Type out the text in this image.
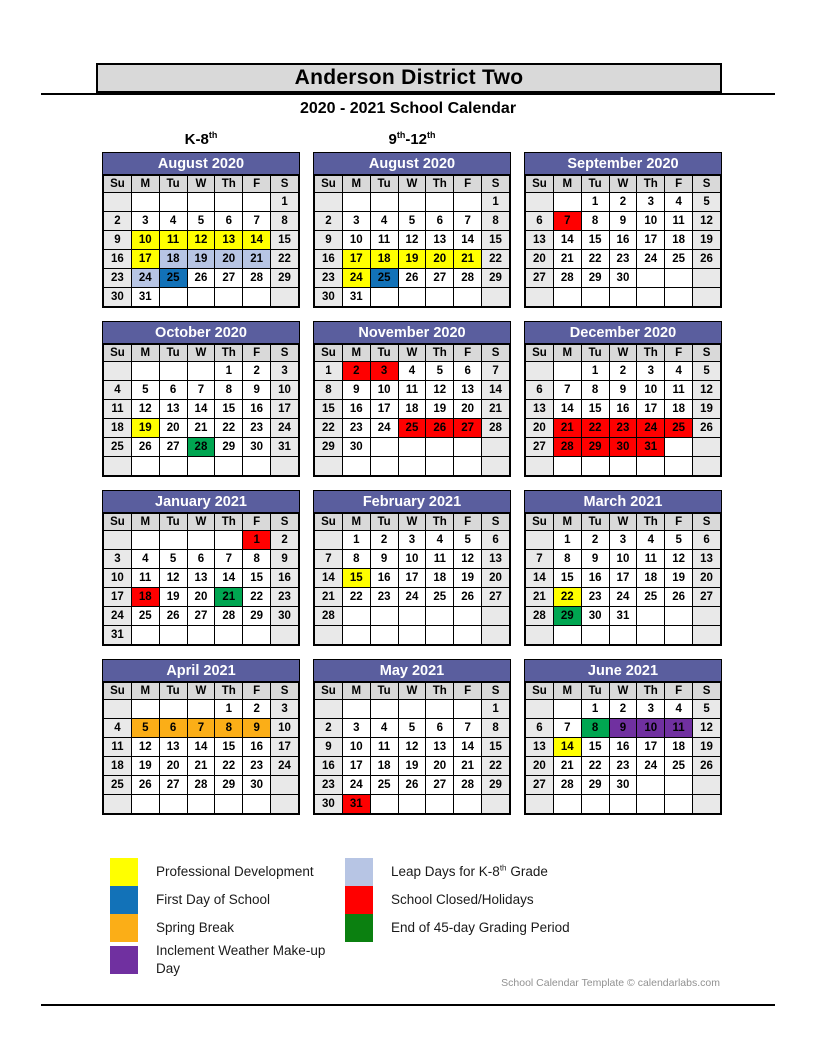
Anderson District Two
2020 - 2021 School Calendar
K-8th	9th-12th
August 2020
Su	M	Tu	W	Th	F	S
						1
2	3	4	5	6	7	8
9	10	11	12	13	14	15
16	17	18	19	20	21	22
23	24	25	26	27	28	29
30	31					
August 2020
Su	M	Tu	W	Th	F	S
						1
2	3	4	5	6	7	8
9	10	11	12	13	14	15
16	17	18	19	20	21	22
23	24	25	26	27	28	29
30	31					
September 2020
Su	M	Tu	W	Th	F	S
		1	2	3	4	5
6	7	8	9	10	11	12
13	14	15	16	17	18	19
20	21	22	23	24	25	26
27	28	29	30			

October 2020
Su	M	Tu	W	Th	F	S
				1	2	3
4	5	6	7	8	9	10
11	12	13	14	15	16	17
18	19	20	21	22	23	24
25	26	27	28	29	30	31

November 2020
Su	M	Tu	W	Th	F	S
1	2	3	4	5	6	7
8	9	10	11	12	13	14
15	16	17	18	19	20	21
22	23	24	25	26	27	28
29	30					

December 2020
Su	M	Tu	W	Th	F	S
		1	2	3	4	5
6	7	8	9	10	11	12
13	14	15	16	17	18	19
20	21	22	23	24	25	26
27	28	29	30	31		

January 2021
Su	M	Tu	W	Th	F	S
					1	2
3	4	5	6	7	8	9
10	11	12	13	14	15	16
17	18	19	20	21	22	23
24	25	26	27	28	29	30
31						
February 2021
Su	M	Tu	W	Th	F	S
	1	2	3	4	5	6
7	8	9	10	11	12	13
14	15	16	17	18	19	20
21	22	23	24	25	26	27
28						

March 2021
Su	M	Tu	W	Th	F	S
	1	2	3	4	5	6
7	8	9	10	11	12	13
14	15	16	17	18	19	20
21	22	23	24	25	26	27
28	29	30	31			

April 2021
Su	M	Tu	W	Th	F	S
				1	2	3
4	5	6	7	8	9	10
11	12	13	14	15	16	17
18	19	20	21	22	23	24
25	26	27	28	29	30	

May 2021
Su	M	Tu	W	Th	F	S
						1
2	3	4	5	6	7	8
9	10	11	12	13	14	15
16	17	18	19	20	21	22
23	24	25	26	27	28	29
30	31					
June 2021
Su	M	Tu	W	Th	F	S
		1	2	3	4	5
6	7	8	9	10	11	12
13	14	15	16	17	18	19
20	21	22	23	24	25	26
27	28	29	30			

Professional Development
First Day of School
Spring Break
Inclement Weather Make-up Day
Leap Days for K-8th Grade
School Closed/Holidays
End of 45-day Grading Period
School Calendar Template © calendarlabs.com
